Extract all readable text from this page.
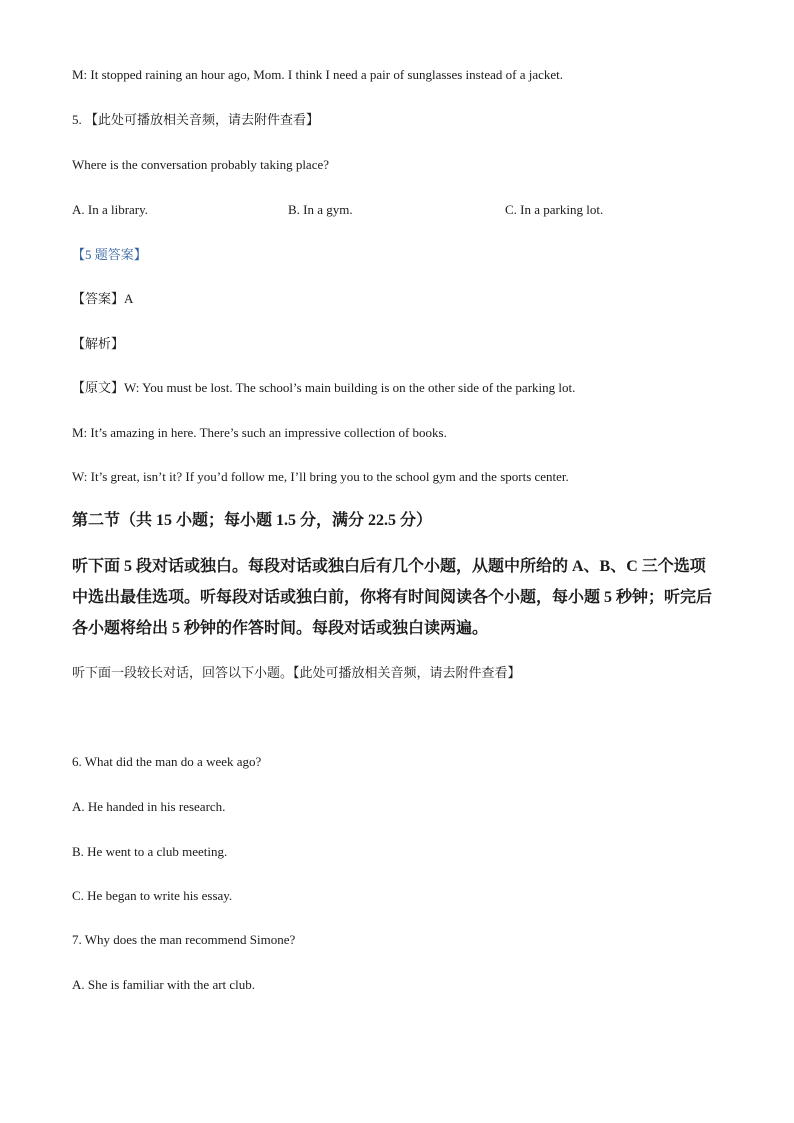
M: It stopped raining an hour ago, Mom. I think I need a pair of sunglasses instead of a jacket.
5. 【此处可播放相关音频，请去附件查看】
Where is the conversation probably taking place?
A. In a library.	B. In a gym.	C. In a parking lot.
【5 题答案】
【答案】A
【解析】
【原文】W: You must be lost. The school’s main building is on the other side of the parking lot.
M: It’s amazing in here. There’s such an impressive collection of books.
W: It’s great, isn’t it? If you’d follow me, I’ll bring you to the school gym and the sports center.
第二节（共 15 小题；每小题 1.5 分，满分 22.5 分）
听下面 5 段对话或独白。每段对话或独白后有几个小题，从题中所给的 A、B、C 三个选项
中选出最佳选项。听每段对话或独白前，你将有时间阅读各个小题，每小题 5 秒钟；听完后
各小题将给出 5 秒钟的作答时间。每段对话或独白读两遍。
听下面一段较长对话，回答以下小题。【此处可播放相关音频，请去附件查看】
6. What did the man do a week ago?
A. He handed in his research.
B. He went to a club meeting.
C. He began to write his essay.
7. Why does the man recommend Simone?
A. She is familiar with the art club.
